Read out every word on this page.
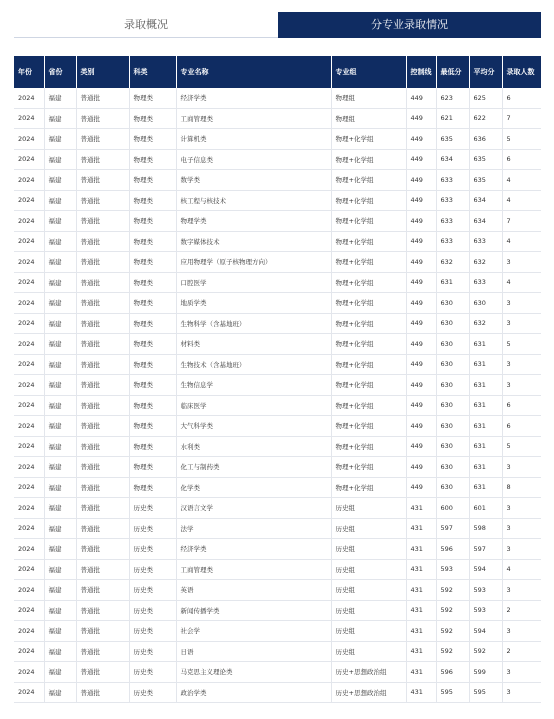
录取概况	分专业录取情况
年份	省份	类别	科类	专业名称	专业组	控制线	最低分	平均分	录取人数
2024	福建	普通批	物理类	经济学类	物理组	449	623	625	6
2024	福建	普通批	物理类	工商管理类	物理组	449	621	622	7
2024	福建	普通批	物理类	计算机类	物理+化学组	449	635	636	5
2024	福建	普通批	物理类	电子信息类	物理+化学组	449	634	635	6
2024	福建	普通批	物理类	数学类	物理+化学组	449	633	635	4
2024	福建	普通批	物理类	核工程与核技术	物理+化学组	449	633	634	4
2024	福建	普通批	物理类	物理学类	物理+化学组	449	633	634	7
2024	福建	普通批	物理类	数字媒体技术	物理+化学组	449	633	633	4
2024	福建	普通批	物理类	应用物理学（原子核物理方向）	物理+化学组	449	632	632	3
2024	福建	普通批	物理类	口腔医学	物理+化学组	449	631	633	4
2024	福建	普通批	物理类	地质学类	物理+化学组	449	630	630	3
2024	福建	普通批	物理类	生物科学（含基地班）	物理+化学组	449	630	632	3
2024	福建	普通批	物理类	材料类	物理+化学组	449	630	631	5
2024	福建	普通批	物理类	生物技术（含基地班）	物理+化学组	449	630	631	3
2024	福建	普通批	物理类	生物信息学	物理+化学组	449	630	631	3
2024	福建	普通批	物理类	临床医学	物理+化学组	449	630	631	6
2024	福建	普通批	物理类	大气科学类	物理+化学组	449	630	631	6
2024	福建	普通批	物理类	水利类	物理+化学组	449	630	631	5
2024	福建	普通批	物理类	化工与制药类	物理+化学组	449	630	631	3
2024	福建	普通批	物理类	化学类	物理+化学组	449	630	631	8
2024	福建	普通批	历史类	汉语言文学	历史组	431	600	601	3
2024	福建	普通批	历史类	法学	历史组	431	597	598	3
2024	福建	普通批	历史类	经济学类	历史组	431	596	597	3
2024	福建	普通批	历史类	工商管理类	历史组	431	593	594	4
2024	福建	普通批	历史类	英语	历史组	431	592	593	3
2024	福建	普通批	历史类	新闻传播学类	历史组	431	592	593	2
2024	福建	普通批	历史类	社会学	历史组	431	592	594	3
2024	福建	普通批	历史类	日语	历史组	431	592	592	2
2024	福建	普通批	历史类	马克思主义理论类	历史+思想政治组	431	596	599	3
2024	福建	普通批	历史类	政治学类	历史+思想政治组	431	595	595	3
